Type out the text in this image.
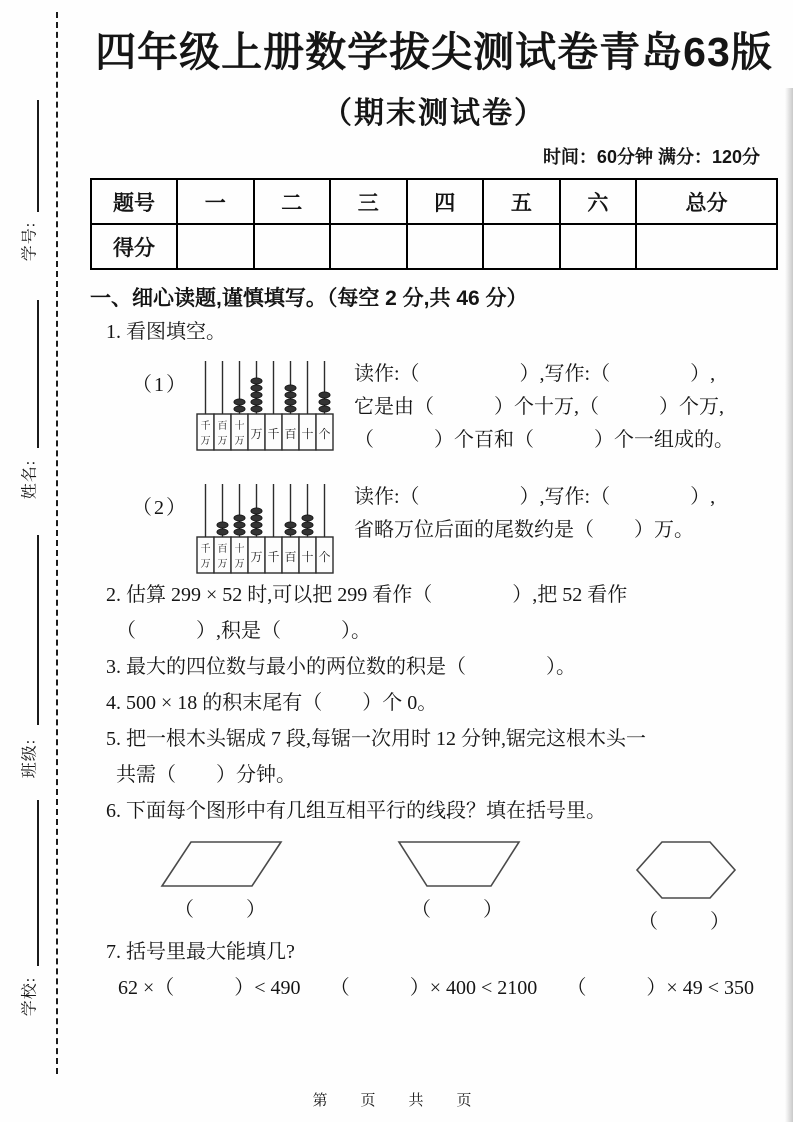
学号:
姓名:
班级:
学校:
四年级上册数学拔尖测试卷青岛63版
（期末测试卷）
时间：60分钟 满分：120分
题号	一	二	三	四	五	六	总分
得分							
一、细心读题,谨慎填写。（每空 2 分,共 46 分）
1. 看图填空。
（1）
千
万
百
万
十
万
万 千 百 十 个
读作:（　　　　　）,写作:（　　　　）,
它是由（　　　）个十万,（　　　）个万,
（　　　）个百和（　　　）个一组成的。
（2）
千
万
百
万
十
万
万 千 百 十 个
读作:（　　　　　）,写作:（　　　　）,
省略万位后面的尾数约是（　　）万。
2. 估算 299 × 52 时,可以把 299 看作（　　　　）,把 52 看作
（　　　）,积是（　　　）。
3. 最大的四位数与最小的两位数的积是（　　　　）。
4. 500 × 18 的积末尾有（　　）个 0。
5. 把一根木头锯成 7 段,每锯一次用时 12 分钟,锯完这根木头一
共需（　　）分钟。
6. 下面每个图形中有几组互相平行的线段？填在括号里。
（　　）	（　　）
（　　）
7. 括号里最大能填几?
62 ×（　　　）< 490 （　　　）× 400 < 2100 （　　　）× 49 < 350
第　页　共　页
